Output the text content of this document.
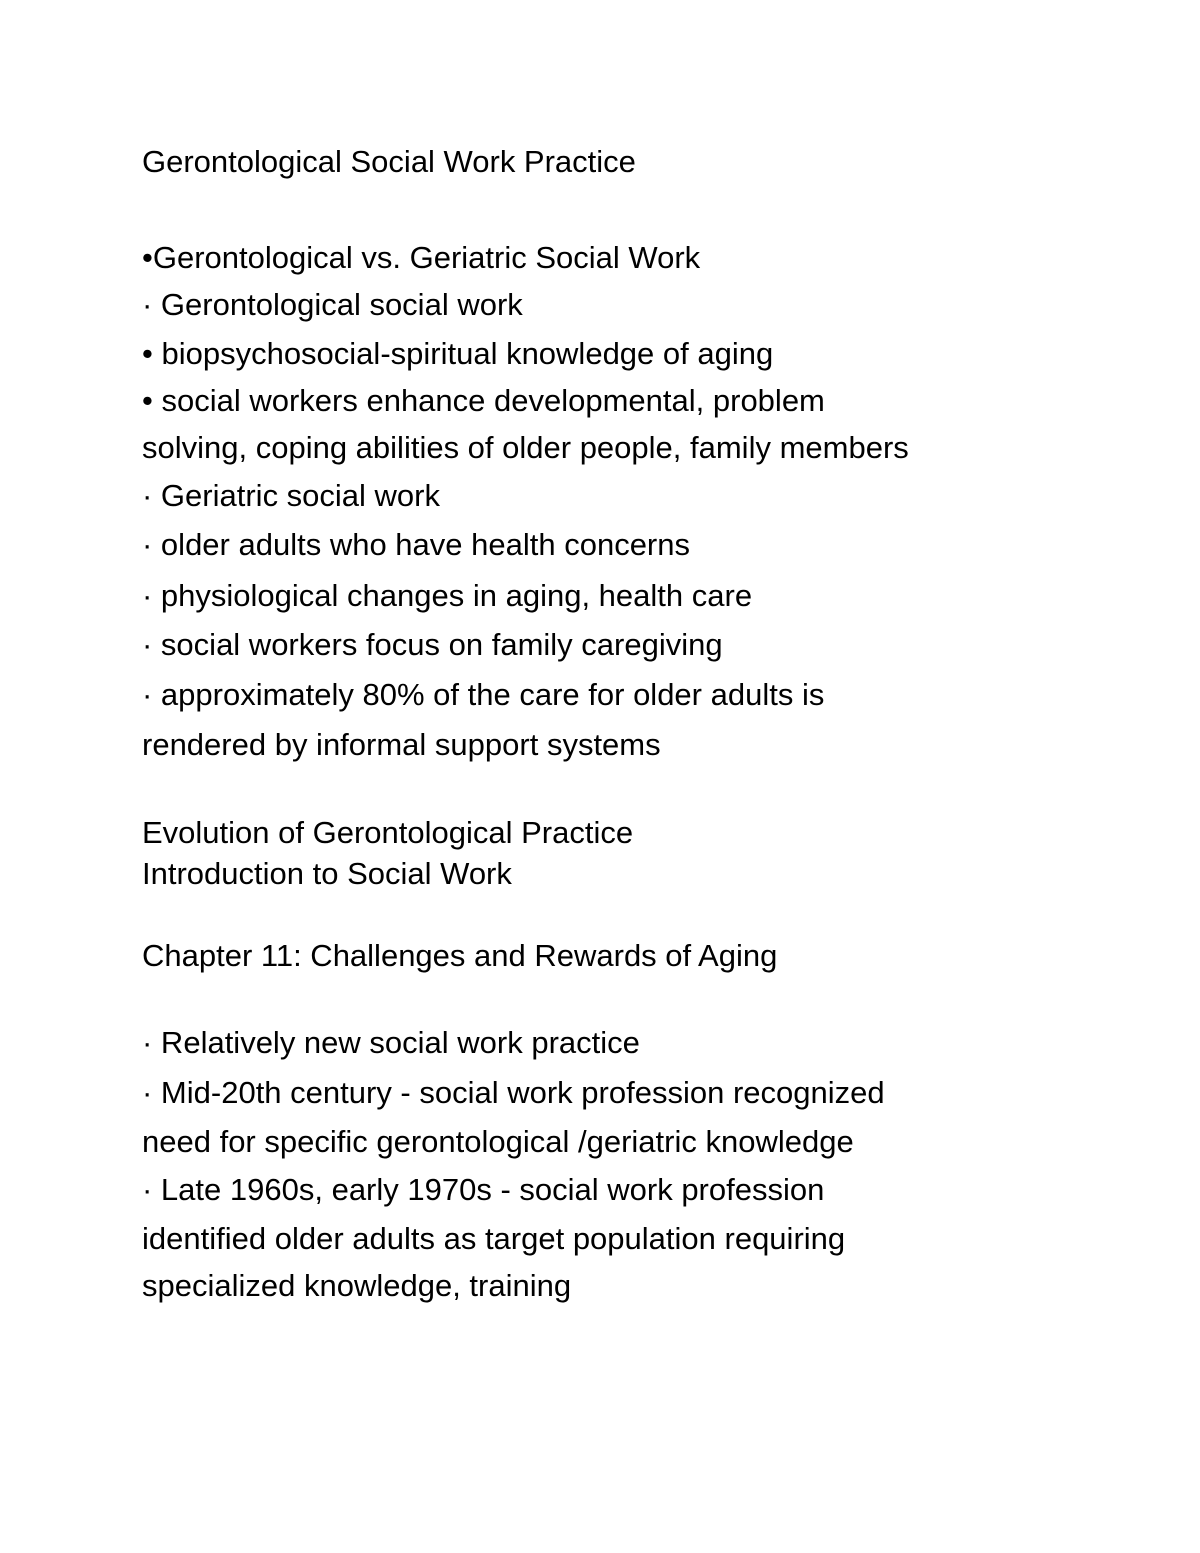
Gerontological Social Work Practice
•Gerontological vs. Geriatric Social Work
· Gerontological social work
• biopsychosocial-spiritual knowledge of aging
• social workers enhance developmental, problem
solving, coping abilities of older people, family members
· Geriatric social work
· older adults who have health concerns
· physiological changes in aging, health care
· social workers focus on family caregiving
· approximately 80% of the care for older adults is
rendered by informal support systems
Evolution of Gerontological Practice
Introduction to Social Work
Chapter 11: Challenges and Rewards of Aging
· Relatively new social work practice
· Mid-20th century - social work profession recognized
need for specific gerontological /geriatric knowledge
· Late 1960s, early 1970s - social work profession
identified older adults as target population requiring
specialized knowledge, training
